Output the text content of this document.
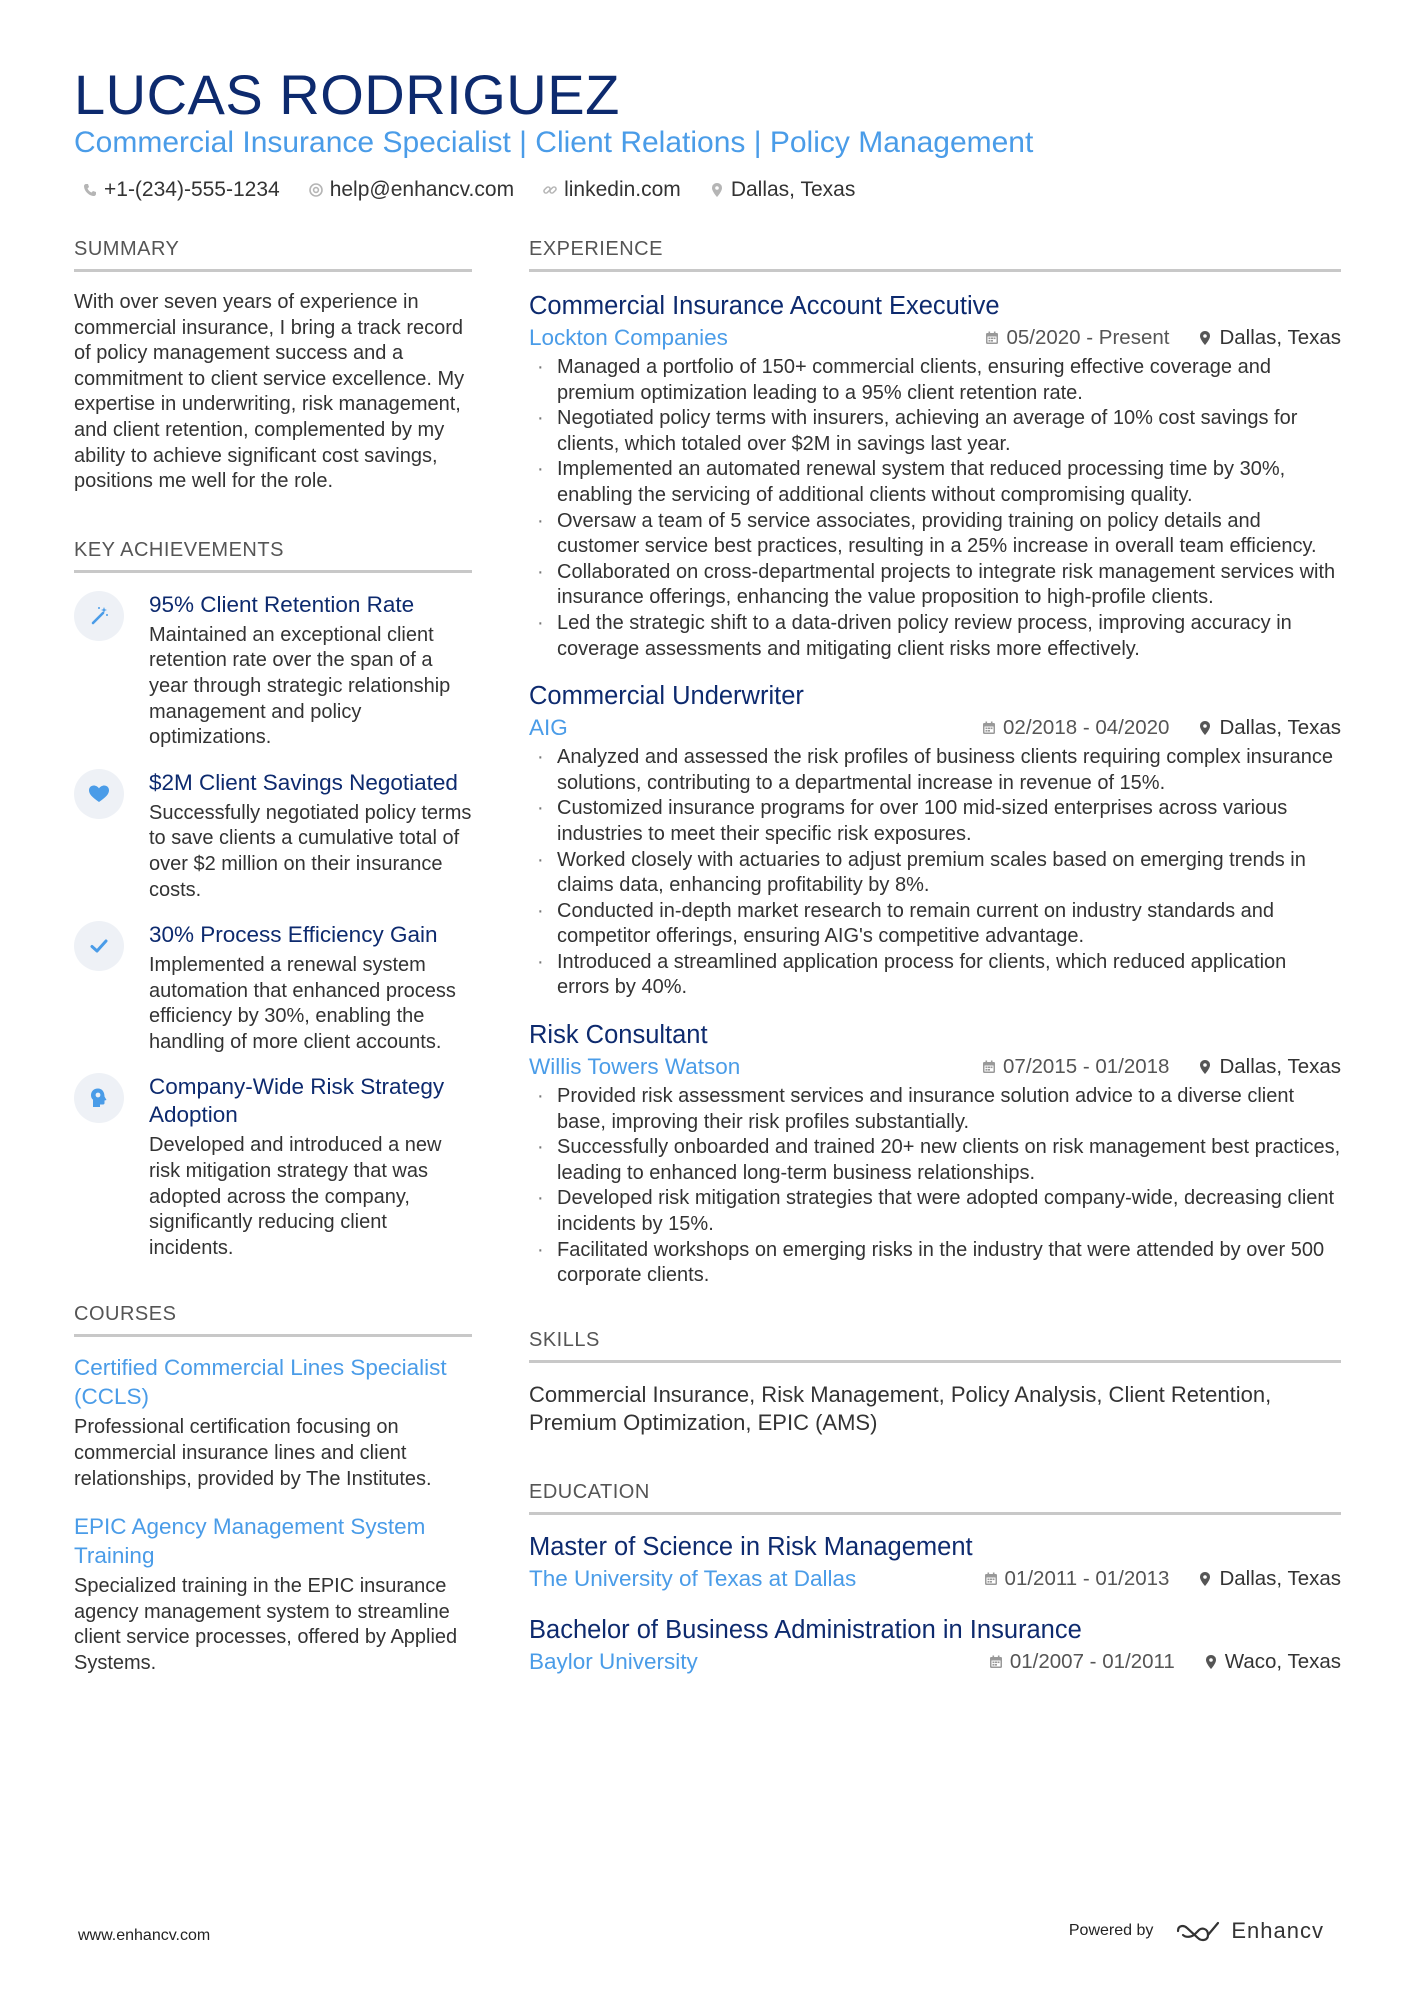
LUCAS RODRIGUEZ
Commercial Insurance Specialist | Client Relations | Policy Management
+1-(234)-555-1234 help@enhancv.com linkedin.com Dallas, Texas
SUMMARY
With over seven years of experience in commercial insurance, I bring a track record of policy management success and a commitment to client service excellence. My expertise in underwriting, risk management, and client retention, complemented by my ability to achieve significant cost savings, positions me well for the role.
KEY ACHIEVEMENTS
95% Client Retention Rate
Maintained an exceptional client retention rate over the span of a year through strategic relationship management and policy optimizations.
$2M Client Savings Negotiated
Successfully negotiated policy terms to save clients a cumulative total of over $2 million on their insurance costs.
30% Process Efficiency Gain
Implemented a renewal system automation that enhanced process efficiency by 30%, enabling the handling of more client accounts.
Company-Wide Risk Strategy Adoption
Developed and introduced a new risk mitigation strategy that was adopted across the company, significantly reducing client incidents.
COURSES
Certified Commercial Lines Specialist (CCLS)
Professional certification focusing on commercial insurance lines and client relationships, provided by The Institutes.
EPIC Agency Management System Training
Specialized training in the EPIC insurance agency management system to streamline client service processes, offered by Applied Systems.
EXPERIENCE
Commercial Insurance Account Executive
Lockton Companies	05/2020 - Present Dallas, Texas
· Managed a portfolio of 150+ commercial clients, ensuring effective coverage and premium optimization leading to a 95% client retention rate.
· Negotiated policy terms with insurers, achieving an average of 10% cost savings for clients, which totaled over $2M in savings last year.
· Implemented an automated renewal system that reduced processing time by 30%, enabling the servicing of additional clients without compromising quality.
· Oversaw a team of 5 service associates, providing training on policy details and customer service best practices, resulting in a 25% increase in overall team efficiency.
· Collaborated on cross-departmental projects to integrate risk management services with insurance offerings, enhancing the value proposition to high-profile clients.
· Led the strategic shift to a data-driven policy review process, improving accuracy in coverage assessments and mitigating client risks more effectively.
Commercial Underwriter
AIG	02/2018 - 04/2020 Dallas, Texas
· Analyzed and assessed the risk profiles of business clients requiring complex insurance solutions, contributing to a departmental increase in revenue of 15%.
· Customized insurance programs for over 100 mid-sized enterprises across various industries to meet their specific risk exposures.
· Worked closely with actuaries to adjust premium scales based on emerging trends in claims data, enhancing profitability by 8%.
· Conducted in-depth market research to remain current on industry standards and competitor offerings, ensuring AIG's competitive advantage.
· Introduced a streamlined application process for clients, which reduced application errors by 40%.
Risk Consultant
Willis Towers Watson	07/2015 - 01/2018 Dallas, Texas
· Provided risk assessment services and insurance solution advice to a diverse client base, improving their risk profiles substantially.
· Successfully onboarded and trained 20+ new clients on risk management best practices, leading to enhanced long-term business relationships.
· Developed risk mitigation strategies that were adopted company-wide, decreasing client incidents by 15%.
· Facilitated workshops on emerging risks in the industry that were attended by over 500 corporate clients.
SKILLS
Commercial Insurance, Risk Management, Policy Analysis, Client Retention, Premium Optimization, EPIC (AMS)
EDUCATION
Master of Science in Risk Management
The University of Texas at Dallas	01/2011 - 01/2013 Dallas, Texas
Bachelor of Business Administration in Insurance
Baylor University	01/2007 - 01/2011 Waco, Texas
www.enhancv.com	Powered by	Enhancv
